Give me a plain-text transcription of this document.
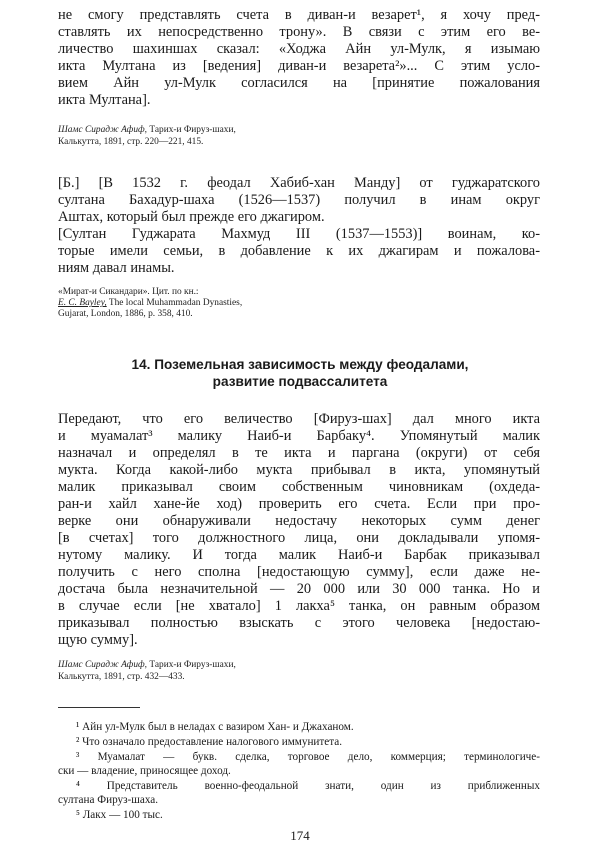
не смогу представлять счета в диван-и везарет¹, я хочу пред-

ставлять их непосредственно трону». В связи с этим его ве-

личество шахиншах сказал: «Ходжа Айн ул-Мулк, я изымаю

икта Мултана из [ведения] диван-и везарета²»... С этим усло-

вием Айн ул-Мулк согласился на [принятие пожалования

икта Мултана].

Шамс Сирадж Афиф, Тарих-и Фируз-шахи,

Калькутта, 1891, стр. 220—221, 415.

[Б.] [В 1532 г. феодал Хабиб-хан Манду] от гуджаратского

султана Бахадур-шаха (1526—1537) получил в инам округ

Аштах, который был прежде его джагиром.

[Султан Гуджарата Махмуд III (1537—1553)] воинам, ко-

торые имели семьи, в добавление к их джагирам и пожалова-

ниям давал инамы.

«Мират-и Сикандари». Цит. по кн.:

E. C. Bayley, The local Muhammadan Dynasties,

Gujarat, London, 1886, p. 358, 410.

14. Поземельная зависимость между феодалами,

развитие подвассалитета

Передают, что его величество [Фируз-шах] дал много икта

и муамалат³ малику Наиб-и Барбаку⁴. Упомянутый малик

назначал и определял в те икта и паргана (округи) от себя

мукта. Когда какой-либо мукта прибывал в икта, упомянутый

малик приказывал своим собственным чиновникам (охдеда-

ран-и хайл хане-йе ход) проверить его счета. Если при про-

верке они обнаруживали недостачу некоторых сумм денег

[в счетах] того должностного лица, они докладывали упомя-

нутому малику. И тогда малик Наиб-и Барбак приказывал

получить с него сполна [недостающую сумму], если даже не-

достача была незначительной — 20 000 или 30 000 танка. Но и

в случае если [не хватало] 1 лакха⁵ танка, он равным образом

приказывал полностью взыскать с этого человека [недостаю-

щую сумму].

Шамс Сирадж Афиф, Тарих-и Фируз-шахи,

Калькутта, 1891, стр. 432—433.

¹ Айн ул-Мулк был в неладах с вазиром Хан- и Джаханом.

² Что означало предоставление налогового иммунитета.

³ Муамалат — букв. сделка, торговое дело, коммерция; терминологиче-

ски — владение, приносящее доход.

⁴ Представитель военно-феодальной знати, один из приближенных

султана Фируз-шаха.

⁵ Лакх — 100 тыс.

174
